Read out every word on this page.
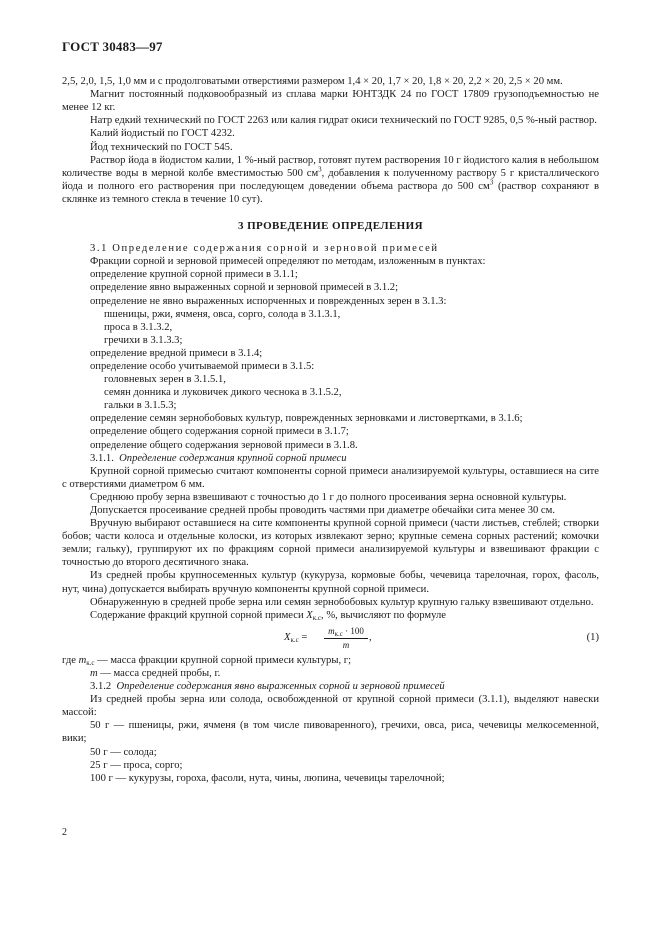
ГОСТ 30483—97

2,5, 2,0, 1,5, 1,0 мм и с продолговатыми отверстиями размером 1,4 × 20, 1,7 × 20, 1,8 × 20, 2,2 × 20, 2,5 × 20 мм.

Магнит постоянный подковообразный из сплава марки ЮНТЗДК 24 по ГОСТ 17809 грузоподъемностью не менее 12 кг.

Натр едкий технический по ГОСТ 2263 или калия гидрат окиси технический по ГОСТ 9285, 0,5 %-ный раствор.

Калий йодистый по ГОСТ 4232.

Йод технический по ГОСТ 545.

Раствор йода в йодистом калии, 1 %-ный раствор, готовят путем растворения 10 г йодистого калия в небольшом количестве воды в мерной колбе вместимостью 500 $см^3$, добавления к полученному раствору 5 г кристаллического йода и полного его растворения при последующем доведении объема раствора до 500 $см^3$ (раствор сохраняют в склянке из темного стекла в течение 10 сут).

3 ПРОВЕДЕНИЕ ОПРЕДЕЛЕНИЯ

3.1 Определение содержания сорной и зерновой примесей

Фракции сорной и зерновой примесей определяют по методам, изложенным в пунктах:

определение крупной сорной примеси в 3.1.1;

определение явно выраженных сорной и зерновой примесей в 3.1.2;

определение не явно выраженных испорченных и поврежденных зерен в 3.1.3:

пшеницы, ржи, ячменя, овса, сорго, солода в 3.1.3.1,

проса в 3.1.3.2,

гречихи в 3.1.3.3;

определение вредной примеси в 3.1.4;

определение особо учитываемой примеси в 3.1.5:

головневых зерен в 3.1.5.1,

семян донника и луковичек дикого чеснока в 3.1.5.2,

гальки в 3.1.5.3;

определение семян зернобобовых культур, поврежденных зерновками и листовертками, в 3.1.6;

определение общего содержания сорной примеси в 3.1.7;

определение общего содержания зерновой примеси в 3.1.8.

3.1.1. Определение содержания крупной сорной примеси

Крупной сорной примесью считают компоненты сорной примеси анализируемой культуры, оставшиеся на сите с отверстиями диаметром 6 мм.

Среднюю пробу зерна взвешивают с точностью до 1 г до полного просеивания зерна основной культуры.

Допускается просеивание средней пробы проводить частями при диаметре обечайки сита менее 30 см.

Вручную выбирают оставшиеся на сите компоненты крупной сорной примеси (части листьев, стеблей; створки бобов; части колоса и отдельные колоски, из которых извлекают зерно; крупные семена сорных растений; комочки земли; гальку), группируют их по фракциям сорной примеси анализируемой культуры и взвешивают фракции с точностью до второго десятичного знака.

Из средней пробы крупносеменных культур (кукуруза, кормовые бобы, чечевица тарелочная, горох, фасоль, нут, чина) допускается выбирать вручную компоненты крупной сорной примеси.

Обнаруженную в средней пробе зерна или семян зернобобовых культур крупную гальку взвешивают отдельно.

Содержание фракций крупной сорной примеси $X_{к.с}$, %, вычисляют по формуле

$X_{к.с}$ =
$m_{к.с} \cdot 100$
m
,	(1)

где $m_{к.с}$ — масса фракции крупной сорной примеси культуры, г;

m — масса средней пробы, г.

3.1.2 Определение содержания явно выраженных сорной и зерновой примесей

Из средней пробы зерна или солода, освобожденной от крупной сорной примеси (3.1.1), выделяют навески массой:

50 г — пшеницы, ржи, ячменя (в том числе пивоваренного), гречихи, овса, риса, чечевицы мелкосеменной, вики;

50 г — солода;

25 г — проса, сорго;

100 г — кукурузы, гороха, фасоли, нута, чины, люпина, чечевицы тарелочной;

2
